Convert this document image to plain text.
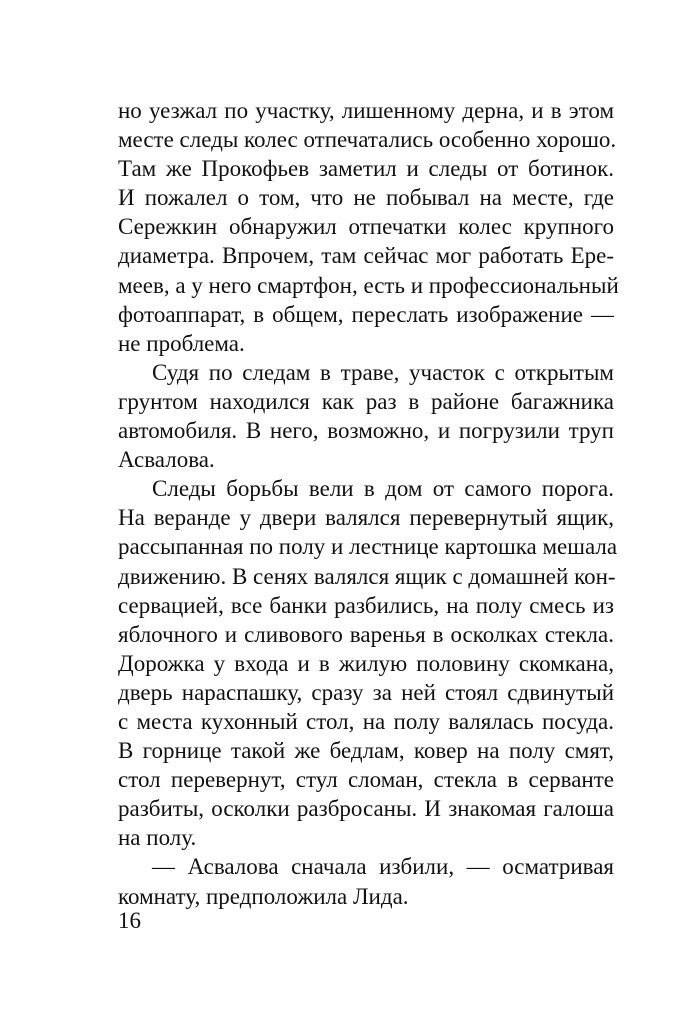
но уезжал по участку, лишенному дерна, и в этом
месте следы колес отпечатались особенно хорошо.
Там же Прокофьев заметил и следы от ботинок.
И пожалел о том, что не побывал на месте, где
Сережкин обнаружил отпечатки колес крупного
диаметра. Впрочем, там сейчас мог работать Ере-
меев, а у него смартфон, есть и профессиональный
фотоаппарат, в общем, переслать изображение —
не проблема.
Судя по следам в траве, участок с открытым
грунтом находился как раз в районе багажника
автомобиля. В него, возможно, и погрузили труп
Асвалова.
Следы борьбы вели в дом от самого порога.
На веранде у двери валялся перевернутый ящик,
рассыпанная по полу и лестнице картошка мешала
движению. В сенях валялся ящик с домашней кон-
сервацией, все банки разбились, на полу смесь из
яблочного и сливового варенья в осколках стекла.
Дорожка у входа и в жилую половину скомкана,
дверь нараспашку, сразу за ней стоял сдвинутый
с места кухонный стол, на полу валялась посуда.
В горнице такой же бедлам, ковер на полу смят,
стол перевернут, стул сломан, стекла в серванте
разбиты, осколки разбросаны. И знакомая галоша
на полу.
— Асвалова сначала избили, — осматривая
комнату, предположила Лида.
16
